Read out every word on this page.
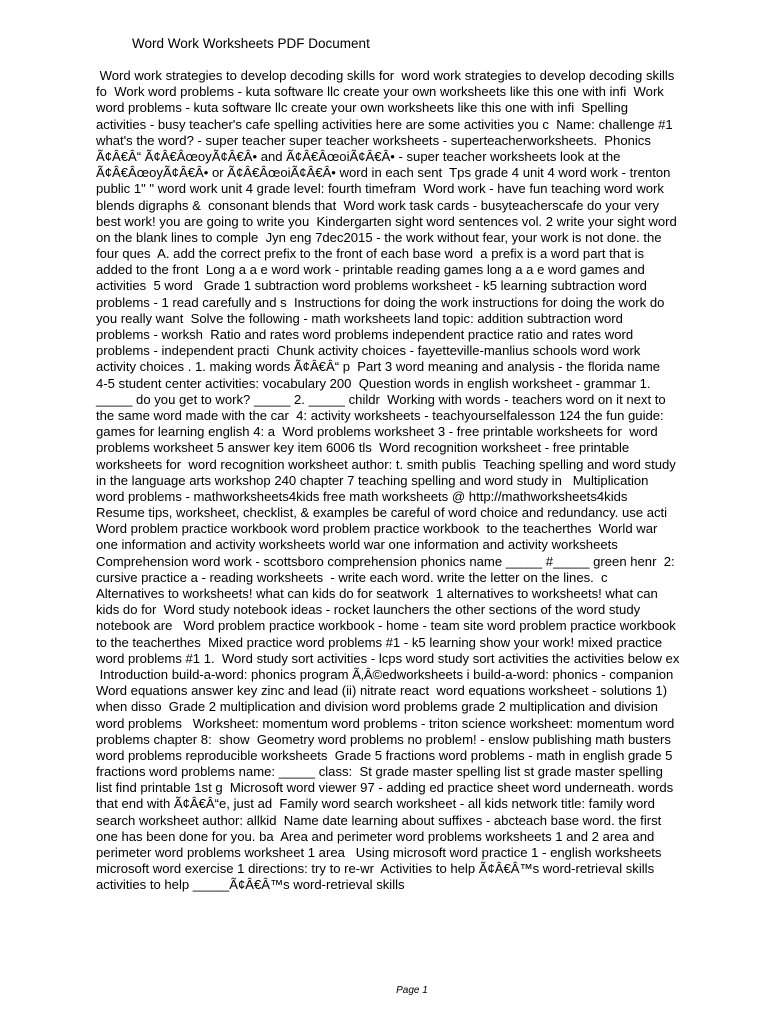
Word Work Worksheets PDF Document
Word work strategies to develop decoding skills for  word work strategies to develop decoding skills
fo  Work word problems - kuta software llc create your own worksheets like this one with infi  Work
word problems - kuta software llc create your own worksheets like this one with infi  Spelling
activities - busy teacher's cafe spelling activities here are some activities you c  Name: challenge #1
what's the word? - super teacher super teacher worksheets - superteacherworksheets.  Phonics
Ã¢Â€Â“ Ã¢Â€ÂœoyÃ¢Â€Â• and Ã¢Â€ÂœoiÃ¢Â€Â• - super teacher worksheets look at the
Ã¢Â€ÂœoyÃ¢Â€Â• or Ã¢Â€ÂœoiÃ¢Â€Â• word in each sent  Tps grade 4 unit 4 word work - trenton
public 1" " word work unit 4 grade level: fourth timefram  Word work - have fun teaching word work
blends digraphs &  consonant blends that  Word work task cards - busyteacherscafe do your very
best work! you are going to write you  Kindergarten sight word sentences vol. 2 write your sight word
on the blank lines to comple  Jyn eng 7dec2015 - the work without fear, your work is not done. the
four ques  A. add the correct prefix to the front of each base word  a prefix is a word part that is
added to the front  Long a a e word work - printable reading games long a a e word games and
activities  5 word   Grade 1 subtraction word problems worksheet - k5 learning subtraction word
problems - 1 read carefully and s  Instructions for doing the work instructions for doing the work do
you really want  Solve the following - math worksheets land topic: addition subtraction word
problems - worksh  Ratio and rates word problems independent practice ratio and rates word
problems - independent practi  Chunk activity choices - fayetteville-manlius schools word work
activity choices . 1. making words Ã¢Â€Â“ p  Part 3 word meaning and analysis - the florida name
4-5 student center activities: vocabulary 200  Question words in english worksheet - grammar 1.
_____ do you get to work? _____ 2. _____ childr  Working with words - teachers word on it next to
the same word made with the car  4: activity worksheets - teachyourselfalesson 124 the fun guide:
games for learning english 4: a  Word problems worksheet 3 - free printable worksheets for  word
problems worksheet 5 answer key item 6006 tls  Word recognition worksheet - free printable
worksheets for  word recognition worksheet author: t. smith publis  Teaching spelling and word study
in the language arts workshop 240 chapter 7 teaching spelling and word study in   Multiplication
word problems - mathworksheets4kids free math worksheets @ http://mathworksheets4kids
Resume tips, worksheet, checklist, & examples be careful of word choice and redundancy. use acti
Word problem practice workbook word problem practice workbook  to the teacherthes  World war
one information and activity worksheets world war one information and activity worksheets
Comprehension word work - scottsboro comprehension phonics name _____ #_____ green henr  2:
cursive practice a - reading worksheets  - write each word. write the letter on the lines.  c
Alternatives to worksheets! what can kids do for seatwork  1 alternatives to worksheets! what can
kids do for  Word study notebook ideas - rocket launchers the other sections of the word study
notebook are   Word problem practice workbook - home - team site word problem practice workbook
to the teacherthes  Mixed practice word problems #1 - k5 learning show your work! mixed practice
word problems #1 1.  Word study sort activities - lcps word study sort activities the activities below ex
Introduction build-a-word: phonics program Ã‚Â©edworksheets i build-a-word: phonics - companion
Word equations answer key zinc and lead (ii) nitrate react  word equations worksheet - solutions 1)
when disso  Grade 2 multiplication and division word problems grade 2 multiplication and division
word problems   Worksheet: momentum word problems - triton science worksheet: momentum word
problems chapter 8:  show  Geometry word problems no problem! - enslow publishing math busters
word problems reproducible worksheets  Grade 5 fractions word problems - math in english grade 5
fractions word problems name: _____ class:  St grade master spelling list st grade master spelling
list find printable 1st g  Microsoft word viewer 97 - adding ed practice sheet word underneath. words
that end with Ã¢Â€Â“e, just ad  Family word search worksheet - all kids network title: family word
search worksheet author: allkid  Name date learning about suffixes - abcteach base word. the first
one has been done for you. ba  Area and perimeter word problems worksheets 1 and 2 area and
perimeter word problems worksheet 1 area   Using microsoft word practice 1 - english worksheets
microsoft word exercise 1 directions: try to re-wr  Activities to help Ã¢Â€Â™s word-retrieval skills
activities to help _____Ã¢Â€Â™s word-retrieval skills
Page 1
